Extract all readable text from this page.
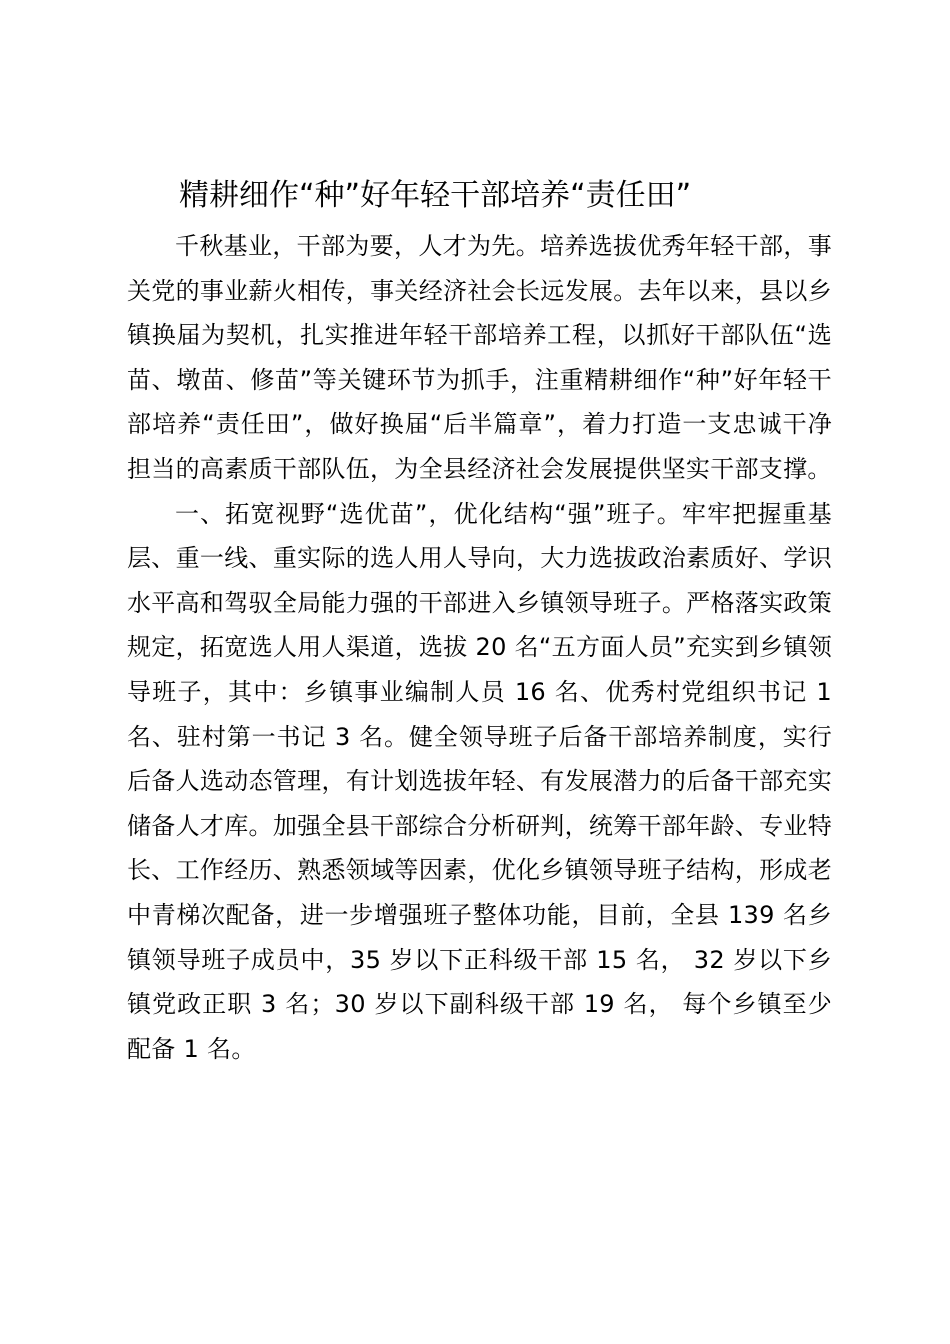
精耕细作“种”好年轻干部培养“责任田”

千秋基业，干部为要，人才为先。培养选拔优秀年轻干部，事关党的事业薪火相传，事关经济社会长远发展。去年以来，县以乡镇换届为契机，扎实推进年轻干部培养工程，以抓好干部队伍“选苗、墩苗、修苗”等关键环节为抓手，注重精耕细作“种”好年轻干部培养“责任田”，做好换届“后半篇章”，着力打造一支忠诚干净担当的高素质干部队伍，为全县经济社会发展提供坚实干部支撑。

一、拓宽视野“选优苗”，优化结构“强”班子。牢牢把握重基层、重一线、重实际的选人用人导向，大力选拔政治素质好、学识水平高和驾驭全局能力强的干部进入乡镇领导班子。严格落实政策规定，拓宽选人用人渠道，选拔 20 名“五方面人员”充实到乡镇领导班子，其中：乡镇事业编制人员 16 名、优秀村党组织书记 1 名、驻村第一书记 3 名。健全领导班子后备干部培养制度，实行后备人选动态管理，有计划选拔年轻、有发展潜力的后备干部充实储备人才库。加强全县干部综合分析研判，统筹干部年龄、专业特长、工作经历、熟悉领域等因素，优化乡镇领导班子结构，形成老中青梯次配备，进一步增强班子整体功能，目前，全县 139 名乡镇领导班子成员中，35 岁以下正科级干部 15 名， 32 岁以下乡镇党政正职 3 名；30 岁以下副科级干部 19 名， 每个乡镇至少配备 1 名。
